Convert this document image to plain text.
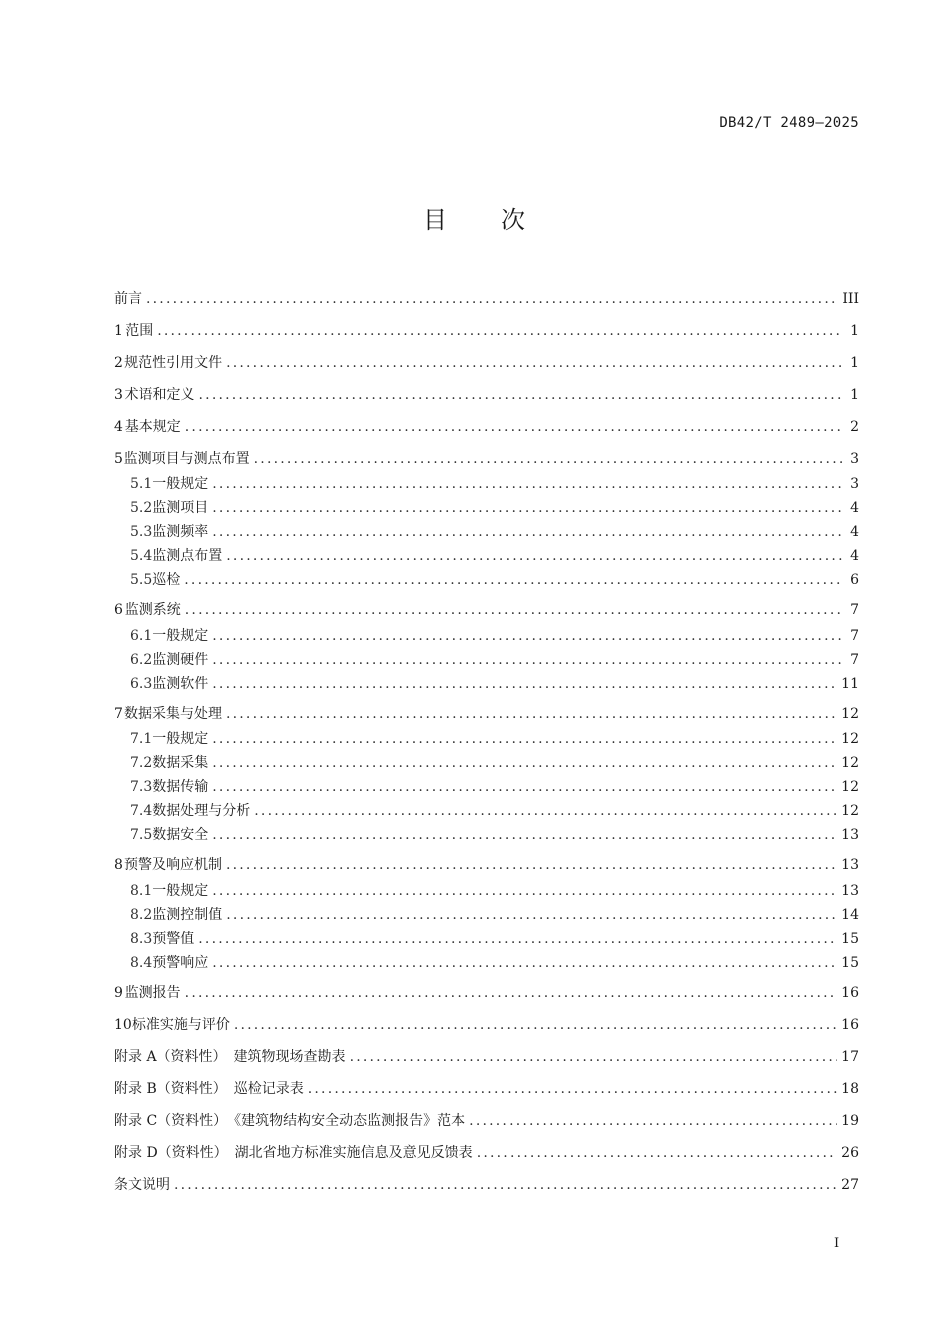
DB42/T 2489—2025
目 次
前言 .....	III
1 范围 .....	1
2 规范性引用文件 .....	1
3 术语和定义 .....	1
4 基本规定 .....	2
5 监测项目与测点布置 .....	3
5.1 一般规定 .....	3
5.2 监测项目 .....	4
5.3 监测频率 .....	4
5.4 监测点布置 .....	4
5.5 巡检 .....	6
6 监测系统 .....	7
6.1 一般规定 .....	7
6.2 监测硬件 .....	7
6.3 监测软件 .....	11
7 数据采集与处理 .....	12
7.1 一般规定 .....	12
7.2 数据采集 .....	12
7.3 数据传输 .....	12
7.4 数据处理与分析 .....	12
7.5 数据安全 .....	13
8 预警及响应机制 .....	13
8.1 一般规定 .....	13
8.2 监测控制值 .....	14
8.3 预警值 .....	15
8.4 预警响应 .....	15
9 监测报告 .....	16
10 标准实施与评价 .....	16
附录 A（资料性）　建筑物现场查勘表 .....	17
附录 B（资料性）　巡检记录表 .....	18
附录 C（资料性）　《建筑物结构安全动态监测报告》范本 .....	19
附录 D（资料性）　湖北省地方标准实施信息及意见反馈表 .....	26
条文说明 .....	27
I
